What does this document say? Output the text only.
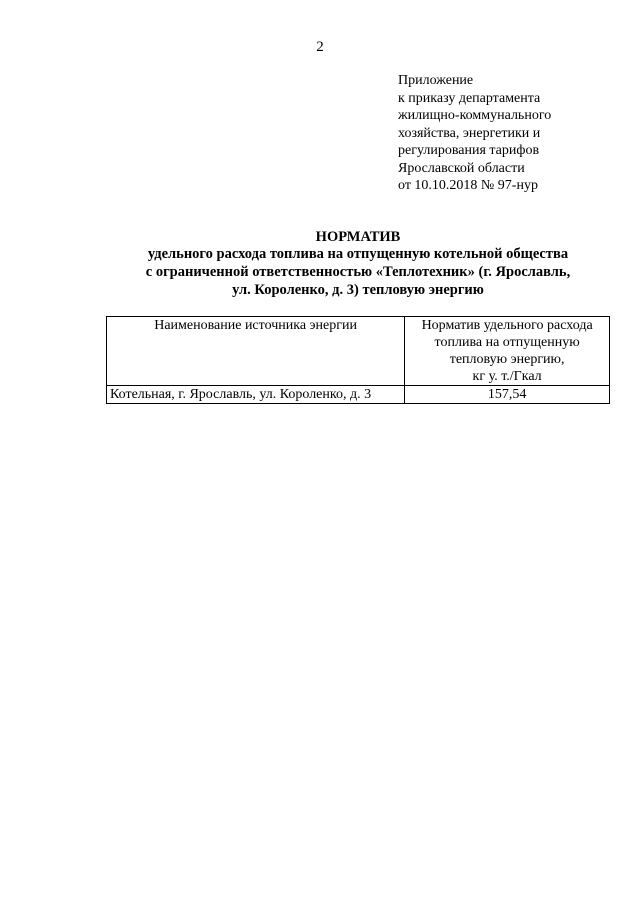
2
Приложение
к приказу департамента
жилищно-коммунального
хозяйства, энергетики и
регулирования тарифов
Ярославской области
от 10.10.2018 № 97-нур
НОРМАТИВ
удельного расхода топлива на отпущенную котельной общества
с ограниченной ответственностью «Теплотехник» (г. Ярославль,
ул. Короленко, д. 3) тепловую энергию
Наименование источника энергии	Норматив удельного расхода
топлива на отпущенную
тепловую энергию,
кг у. т./Гкал

Котельная, г. Ярославль, ул. Короленко, д. 3	157,54
